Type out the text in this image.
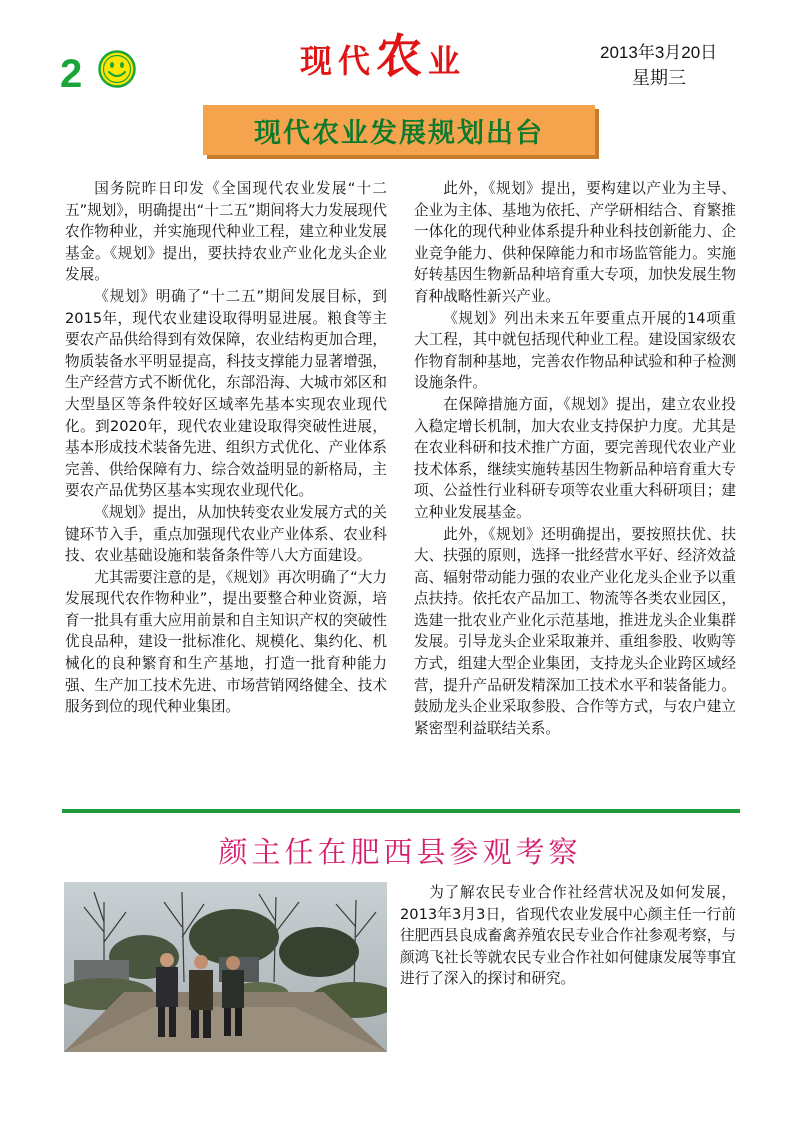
2	现代农业	2013年3月20日
星期三
现代农业发展规划出台

国务院昨日印发《全国现代农业发展“十二五”规划》，明确提出“十二五”期间将大力发展现代农作物种业，并实施现代种业工程，建立种业发展基金。《规划》提出，要扶持农业产业化龙头企业发展。

《规划》明确了“十二五”期间发展目标，到2015年，现代农业建设取得明显进展。粮食等主要农产品供给得到有效保障，农业结构更加合理，物质装备水平明显提高，科技支撑能力显著增强，生产经营方式不断优化，东部沿海、大城市郊区和大型垦区等条件较好区域率先基本实现农业现代化。到2020年，现代农业建设取得突破性进展，基本形成技术装备先进、组织方式优化、产业体系完善、供给保障有力、综合效益明显的新格局，主要农产品优势区基本实现农业现代化。

《规划》提出，从加快转变农业发展方式的关键环节入手，重点加强现代农业产业体系、农业科技、农业基础设施和装备条件等八大方面建设。

尤其需要注意的是，《规划》再次明确了“大力发展现代农作物种业”，提出要整合种业资源，培育一批具有重大应用前景和自主知识产权的突破性优良品种，建设一批标准化、规模化、集约化、机械化的良种繁育和生产基地，打造一批育种能力强、生产加工技术先进、市场营销网络健全、技术服务到位的现代种业集团。

此外，《规划》提出，要构建以产业为主导、企业为主体、基地为依托、产学研相结合、育繁推一体化的现代种业体系提升种业科技创新能力、企业竞争能力、供种保障能力和市场监管能力。实施好转基因生物新品种培育重大专项，加快发展生物育种战略性新兴产业。

《规划》列出未来五年要重点开展的14项重大工程，其中就包括现代种业工程。建设国家级农作物育制种基地，完善农作物品种试验和种子检测设施条件。

在保障措施方面，《规划》提出，建立农业投入稳定增长机制，加大农业支持保护力度。尤其是在农业科研和技术推广方面，要完善现代农业产业技术体系，继续实施转基因生物新品种培育重大专项、公益性行业科研专项等农业重大科研项目；建立种业发展基金。

此外，《规划》还明确提出，要按照扶优、扶大、扶强的原则，选择一批经营水平好、经济效益高、辐射带动能力强的农业产业化龙头企业予以重点扶持。依托农产品加工、物流等各类农业园区，选建一批农业产业化示范基地，推进龙头企业集群发展。引导龙头企业采取兼并、重组参股、收购等方式，组建大型企业集团，支持龙头企业跨区域经营，提升产品研发精深加工技术水平和装备能力。鼓励龙头企业采取参股、合作等方式，与农户建立紧密型利益联结关系。

颜主任在肥西县参观考察

为了解农民专业合作社经营状况及如何发展，2013年3月3日，省现代农业发展中心颜主任一行前往肥西县良成畜禽养殖农民专业合作社参观考察，与颜鸿飞社长等就农民专业合作社如何健康发展等事宜进行了深入的探讨和研究。
